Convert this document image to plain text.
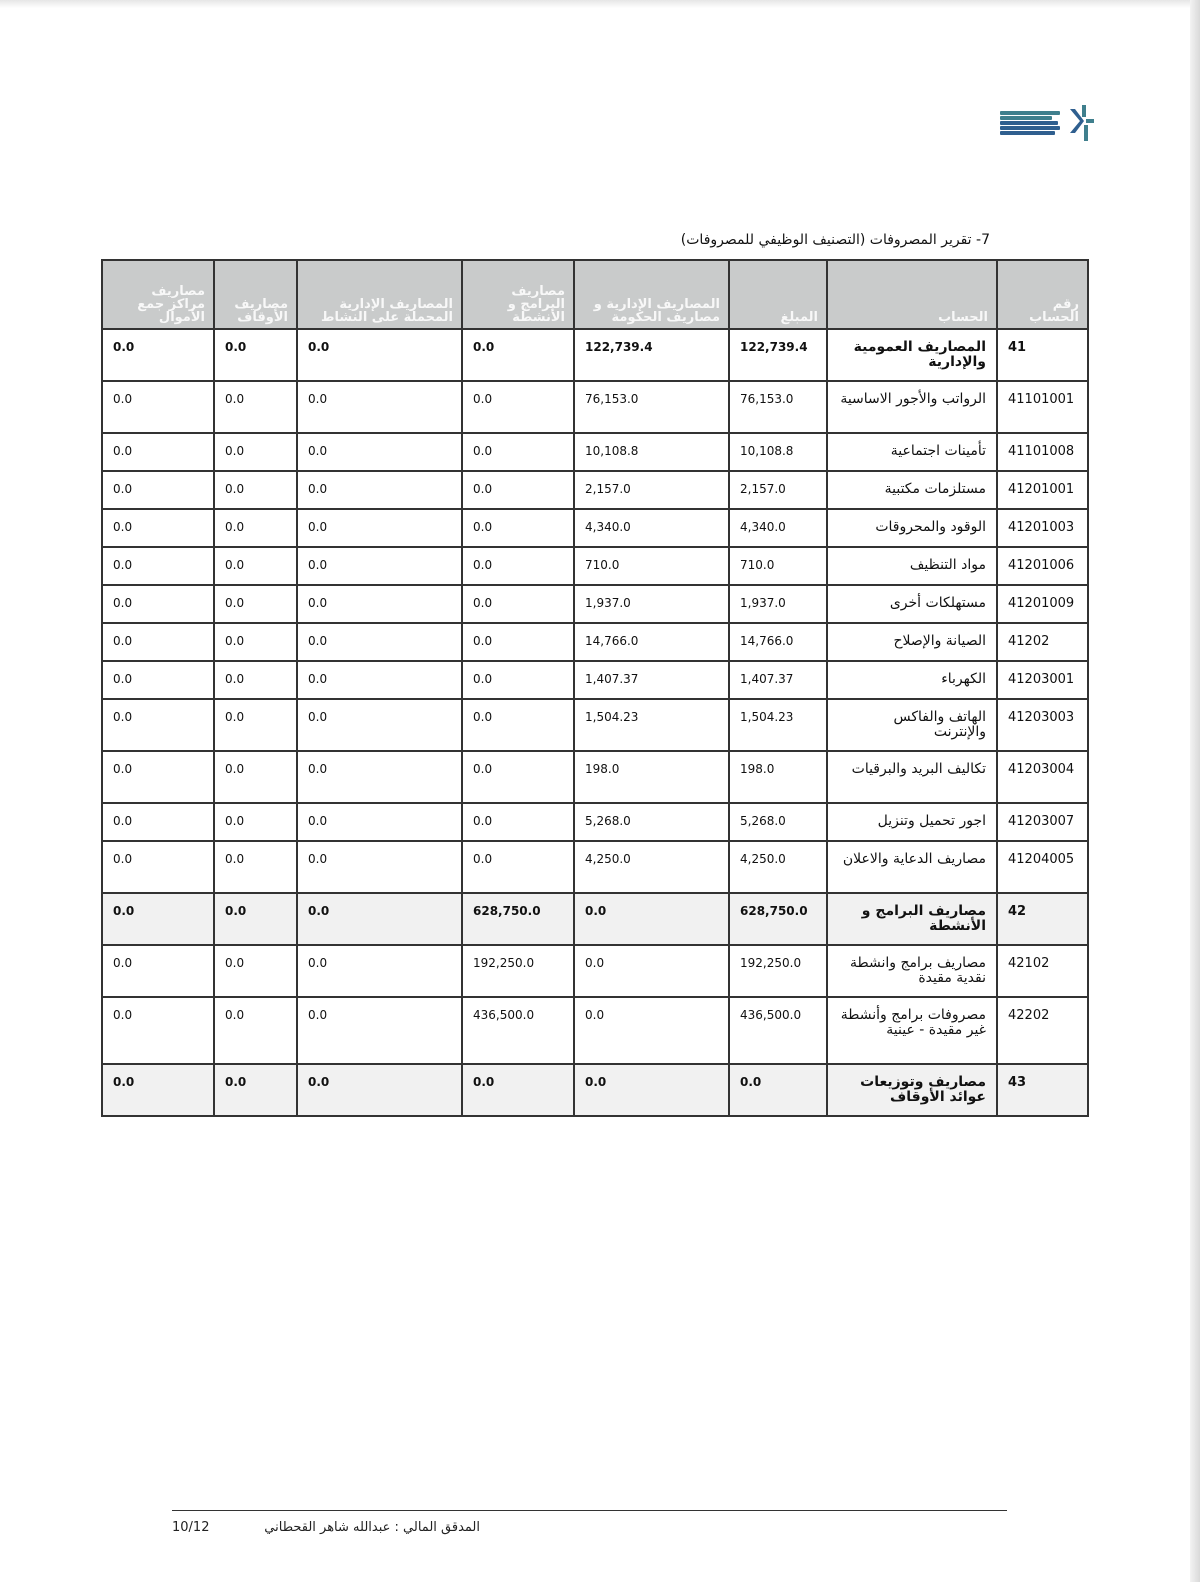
7- تقرير المصروفات (التصنيف الوظيفي للمصروفات)
رقم الحساب	الحساب	المبلغ	المصاريف الإدارية و مصاريف الحكومة	مصاريف البرامج و الأنشطة	المصاريف الإدارية المحملة على النشاط	مصاريف الأوقاف	مصاريف مراكز جمع الأموال
41	المصاريف العمومية والإدارية	122,739.4	122,739.4	0.0	0.0	0.0	0.0
41101001	الرواتب والأجور الاساسية	76,153.0	76,153.0	0.0	0.0	0.0	0.0
41101008	تأمينات اجتماعية	10,108.8	10,108.8	0.0	0.0	0.0	0.0
41201001	مستلزمات مكتبية	2,157.0	2,157.0	0.0	0.0	0.0	0.0
41201003	الوقود والمحروقات	4,340.0	4,340.0	0.0	0.0	0.0	0.0
41201006	مواد التنظيف	710.0	710.0	0.0	0.0	0.0	0.0
41201009	مستهلكات أخرى	1,937.0	1,937.0	0.0	0.0	0.0	0.0
41202	الصيانة والإصلاح	14,766.0	14,766.0	0.0	0.0	0.0	0.0
41203001	الكهرباء	1,407.37	1,407.37	0.0	0.0	0.0	0.0
41203003	الهاتف والفاكس والإنترنت	1,504.23	1,504.23	0.0	0.0	0.0	0.0
41203004	تكاليف البريد والبرقيات	198.0	198.0	0.0	0.0	0.0	0.0
41203007	اجور تحميل وتنزيل	5,268.0	5,268.0	0.0	0.0	0.0	0.0
41204005	مصاريف الدعاية والاعلان	4,250.0	4,250.0	0.0	0.0	0.0	0.0
42	مصاريف البرامج و الأنشطة	628,750.0	0.0	628,750.0	0.0	0.0	0.0
42102	مصاريف برامج وانشطة نقدية مقيدة	192,250.0	0.0	192,250.0	0.0	0.0	0.0
42202	مصروفات برامج وأنشطة غير مقيدة - عينية	436,500.0	0.0	436,500.0	0.0	0.0	0.0
43	مصاريف وتوزيعات عوائد الأوقاف	0.0	0.0	0.0	0.0	0.0	0.0
المدقق المالي : عبدالله شاهر القحطاني
10/12
